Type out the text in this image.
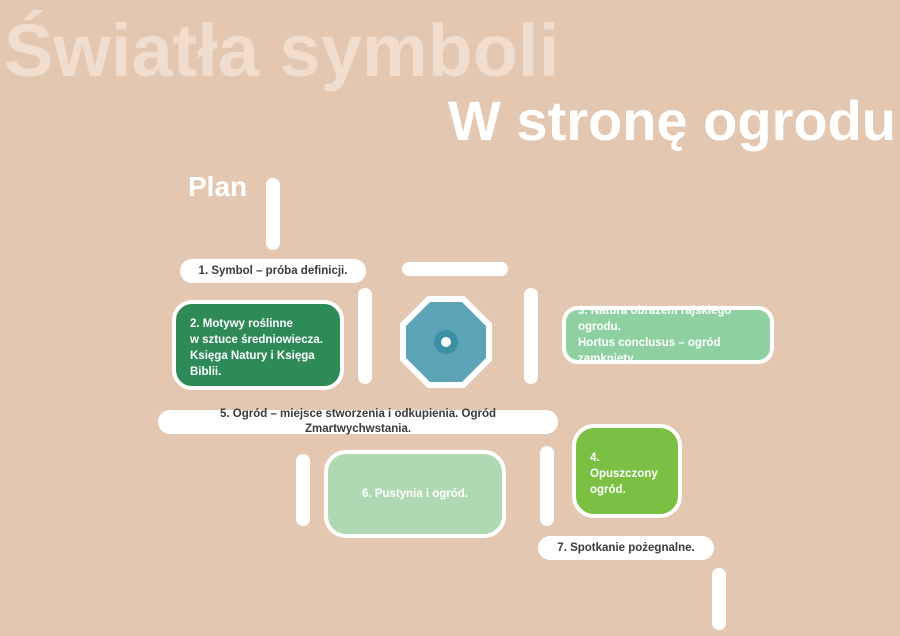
Światła symboli
W stronę ogrodu
Plan
1. Symbol – próba definicji.
2. Motywy roślinne
w sztuce średniowiecza.
Księga Natury i Księga
Biblii.
3. Natura obrazem rajskiego ogrodu.
Hortus conclusus – ogród zamknięty.
5. Ogród – miejsce stworzenia i odkupienia. Ogród Zmartwychwstania.
4. Opuszczony
ogród.
6. Pustynia i ogród.
7. Spotkanie pożegnalne.
